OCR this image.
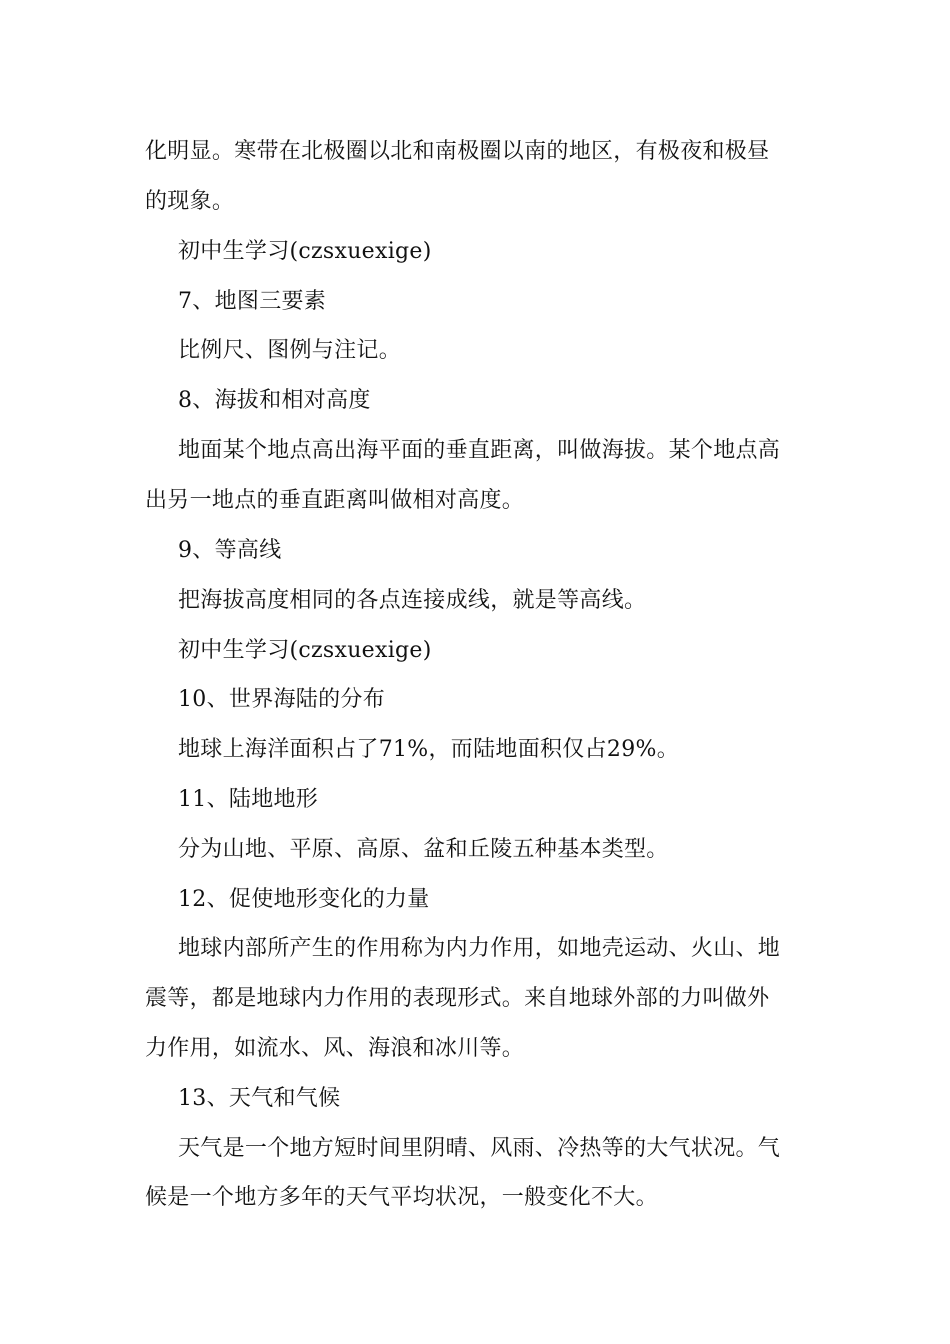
化明显。寒带在北极圈以北和南极圈以南的地区，有极夜和极昼
的现象。
初中生学习(czsxuexige)
7、地图三要素
比例尺、图例与注记。
8、海拔和相对高度
地面某个地点高出海平面的垂直距离，叫做海拔。某个地点高
出另一地点的垂直距离叫做相对高度。
9、等高线
把海拔高度相同的各点连接成线，就是等高线。
初中生学习(czsxuexige)
10、世界海陆的分布
地球上海洋面积占了71%，而陆地面积仅占29%。
11、陆地地形
分为山地、平原、高原、盆和丘陵五种基本类型。
12、促使地形变化的力量
地球内部所产生的作用称为内力作用，如地壳运动、火山、地
震等，都是地球内力作用的表现形式。来自地球外部的力叫做外
力作用，如流水、风、海浪和冰川等。
13、天气和气候
天气是一个地方短时间里阴晴、风雨、冷热等的大气状况。气
候是一个地方多年的天气平均状况，一般变化不大。
